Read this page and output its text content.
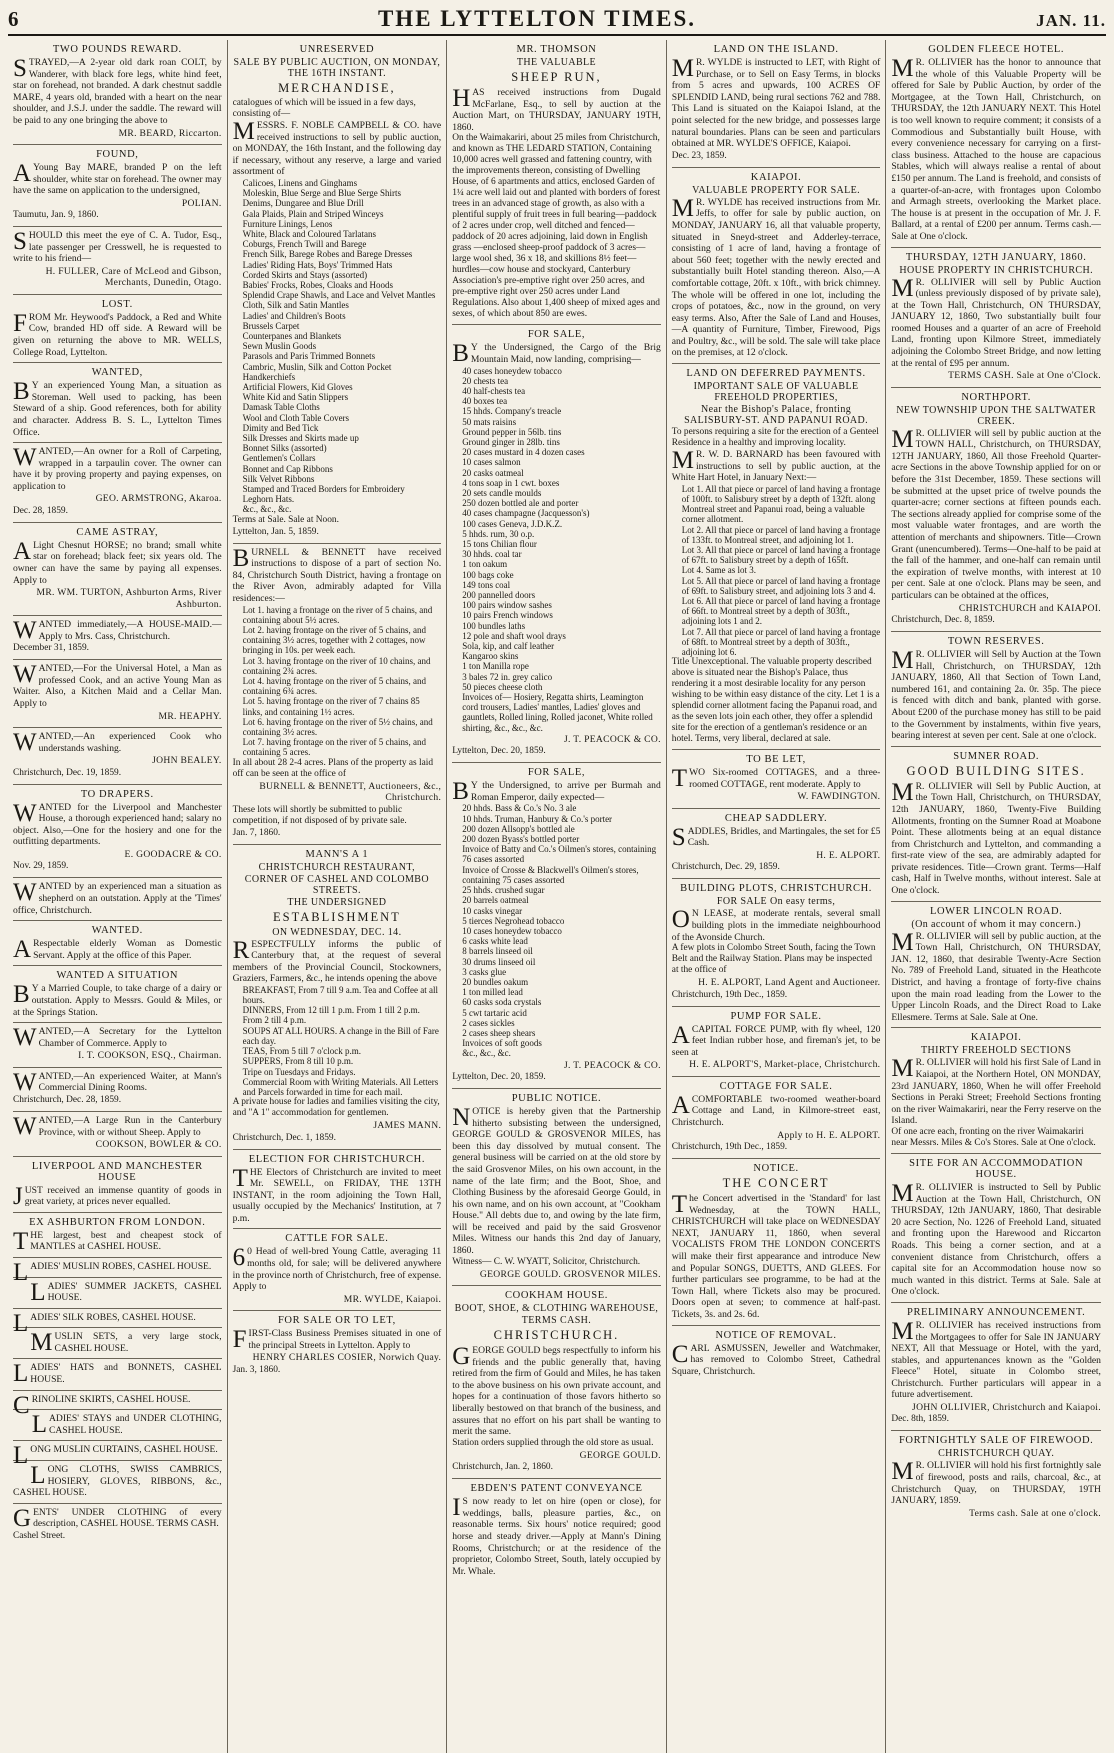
6	THE LYTTELTON TIMES.	JAN. 11.

TWO POUNDS REWARD.

STRAYED,—A 2-year old dark roan COLT, by Wanderer, with black fore legs, white hind feet, star on forehead, not branded. A dark chestnut saddle MARE, 4 years old, branded with a heart on the near shoulder, and J.S.J. under the saddle. The reward will be paid to any one bringing the above to

MR. BEARD, Riccarton.

FOUND,

AYoung Bay MARE, branded P on the left shoulder, white star on forehead. The owner may have the same on application to the undersigned,

POLIAN.

Taumutu, Jan. 9, 1860.

SHOULD this meet the eye of C. A. Tudor, Esq., late passenger per Cresswell, he is requested to write to his friend—

H. FULLER, Care of McLeod and Gibson, Merchants, Dunedin, Otago.

LOST.

FROM Mr. Heywood's Paddock, a Red and White Cow, branded HD off side. A Reward will be given on returning the above to MR. WELLS, College Road, Lyttelton.

WANTED,

BY an experienced Young Man, a situation as Storeman. Well used to packing, has been Steward of a ship. Good references, both for ability and character. Address B. S. L., Lyttelton Times Office.

WANTED,—An owner for a Roll of Carpeting, wrapped in a tarpaulin cover. The owner can have it by proving property and paying expenses, on application to

GEO. ARMSTRONG, Akaroa.

Dec. 28, 1859.

CAME ASTRAY,

ALight Chesnut HORSE; no brand; small white star on forehead; black feet; six years old. The owner can have the same by paying all expenses. Apply to

MR. WM. TURTON, Ashburton Arms, River Ashburton.

WANTED immediately,—A HOUSE-MAID.—Apply to Mrs. Cass, Christchurch.

December 31, 1859.

WANTED,—For the Universal Hotel, a Man as professed Cook, and an active Young Man as Waiter. Also, a Kitchen Maid and a Cellar Man. Apply to

MR. HEAPHY.

WANTED,—An experienced Cook who understands washing.

JOHN BEALEY.

Christchurch, Dec. 19, 1859.

TO DRAPERS.

WANTED for the Liverpool and Manchester House, a thorough experienced hand; salary no object. Also,—One for the hosiery and one for the outfitting departments.

E. GOODACRE & CO.

Nov. 29, 1859.

WANTED by an experienced man a situation as shepherd on an outstation. Apply at the 'Times' office, Christchurch.

WANTED.

ARespectable elderly Woman as Domestic Servant. Apply at the office of this Paper.

WANTED A SITUATION

BY a Married Couple, to take charge of a dairy or outstation. Apply to Messrs. Gould & Miles, or at the Springs Station.

WANTED,—A Secretary for the Lyttelton Chamber of Commerce. Apply to

I. T. COOKSON, ESQ., Chairman.

WANTED,—An experienced Waiter, at Mann's Commercial Dining Rooms.

Christchurch, Dec. 28, 1859.

WANTED,—A Large Run in the Canterbury Province, with or without Sheep. Apply to

COOKSON, BOWLER & CO.

LIVERPOOL AND MANCHESTER HOUSE

JUST received an immense quantity of goods in great variety, at prices never equalled.

EX ASHBURTON FROM LONDON.

THE largest, best and cheapest stock of MANTLES at CASHEL HOUSE.

LADIES' MUSLIN ROBES, CASHEL HOUSE.

LADIES' SUMMER JACKETS, CASHEL HOUSE.

LADIES' SILK ROBES, CASHEL HOUSE.

MUSLIN SETS, a very large stock, CASHEL HOUSE.

LADIES' HATS and BONNETS, CASHEL HOUSE.

CRINOLINE SKIRTS, CASHEL HOUSE.

LADIES' STAYS and UNDER CLOTHING, CASHEL HOUSE.

LONG MUSLIN CURTAINS, CASHEL HOUSE.

LONG CLOTHS, SWISS CAMBRICS, HOSIERY, GLOVES, RIBBONS, &c., CASHEL HOUSE.

GENTS' UNDER CLOTHING of every description, CASHEL HOUSE. TERMS CASH.

Cashel Street.

UNRESERVED

SALE BY PUBLIC AUCTION, ON MONDAY, THE 16TH INSTANT.

MERCHANDISE,

catalogues of which will be issued in a few days, consisting of—

MESSRS. F. NOBLE CAMPBELL & CO. have received instructions to sell by public auction, on MONDAY, the 16th Instant, and the following day if necessary, without any reserve, a large and varied assortment of

Calicoes, Linens and Ginghams

Moleskin, Blue Serge and Blue Serge Shirts

Denims, Dungaree and Blue Drill

Gala Plaids, Plain and Striped Winceys

Furniture Linings, Lenos

White, Black and Coloured Tarlatans

Coburgs, French Twill and Barege

French Silk, Barege Robes and Barege Dresses

Ladies' Riding Hats, Boys' Trimmed Hats

Corded Skirts and Stays (assorted)

Babies' Frocks, Robes, Cloaks and Hoods

Splendid Crape Shawls, and Lace and Velvet Mantles

Cloth, Silk and Satin Mantles

Ladies' and Children's Boots

Brussels Carpet

Counterpanes and Blankets

Sewn Muslin Goods

Parasols and Paris Trimmed Bonnets

Cambric, Muslin, Silk and Cotton Pocket Handkerchiefs

Artificial Flowers, Kid Gloves

White Kid and Satin Slippers

Damask Table Cloths

Wool and Cloth Table Covers

Dimity and Bed Tick

Silk Dresses and Skirts made up

Bonnet Silks (assorted)

Gentlemen's Collars

Bonnet and Cap Ribbons

Silk Velvet Ribbons

Stamped and Traced Borders for Embroidery

Leghorn Hats.

&c., &c., &c.

Terms at Sale. Sale at Noon.

Lyttelton, Jan. 5, 1859.

BURNELL & BENNETT have received instructions to dispose of a part of section No. 84, Christchurch South District, having a frontage on the River Avon, admirably adapted for Villa residences:—

Lot 1. having a frontage on the river of 5 chains, and containing about 5½ acres.

Lot 2. having frontage on the river of 5 chains, and containing 3½ acres, together with 2 cottages, now bringing in 10s. per week each.

Lot 3. having frontage on the river of 10 chains, and containing 2¾ acres.

Lot 4. having frontage on the river of 5 chains, and containing 6¾ acres.

Lot 5. having frontage on the river of 7 chains 85 links, and containing 1½ acres.

Lot 6. having frontage on the river of 5½ chains, and containing 3½ acres.

Lot 7. having frontage on the river of 5 chains, and containing 5 acres.

In all about 28 2-4 acres. Plans of the property as laid off can be seen at the office of

BURNELL & BENNETT, Auctioneers, &c., Christchurch.

These lots will shortly be submitted to public competition, if not disposed of by private sale.

Jan. 7, 1860.

MANN'S A 1

CHRISTCHURCH RESTAURANT,

CORNER OF CASHEL AND COLOMBO STREETS.

THE UNDERSIGNED

ESTABLISHMENT

ON WEDNESDAY, DEC. 14.

RESPECTFULLY informs the public of Canterbury that, at the request of several members of the Provincial Council, Stockowners, Graziers, Farmers, &c., he intends opening the above

BREAKFAST, From 7 till 9 a.m. Tea and Coffee at all hours.

DINNERS, From 12 till 1 p.m. From 1 till 2 p.m. From 2 till 4 p.m.

SOUPS AT ALL HOURS. A change in the Bill of Fare each day.

TEAS, From 5 till 7 o'clock p.m.

SUPPERS, From 8 till 10 p.m.

Tripe on Tuesdays and Fridays.

Commercial Room with Writing Materials. All Letters and Parcels forwarded in time for each mail.

A private house for ladies and families visiting the city, and "A 1" accommodation for gentlemen.

JAMES MANN.

Christchurch, Dec. 1, 1859.

ELECTION FOR CHRISTCHURCH.

THE Electors of Christchurch are invited to meet Mr. SEWELL, on FRIDAY, THE 13TH INSTANT, in the room adjoining the Town Hall, usually occupied by the Mechanics' Institution, at 7 p.m.

CATTLE FOR SALE.

60 Head of well-bred Young Cattle, averaging 11 months old, for sale; will be delivered anywhere in the province north of Christchurch, free of expense. Apply to

MR. WYLDE, Kaiapoi.

FOR SALE OR TO LET,

FIRST-Class Business Premises situated in one of the principal Streets in Lyttelton. Apply to

HENRY CHARLES COSIER, Norwich Quay.

Jan. 3, 1860.

MR. THOMSON

THE VALUABLE

SHEEP RUN,

HAS received instructions from Dugald McFarlane, Esq., to sell by auction at the Auction Mart, on THURSDAY, JANUARY 19TH, 1860.

On the Waimakariri, about 25 miles from Christchurch, and known as THE LEDARD STATION, Containing 10,000 acres well grassed and fattening country, with the improvements thereon, consisting of Dwelling House, of 6 apartments and attics, enclosed Garden of 1¼ acre well laid out and planted with borders of forest trees in an advanced stage of growth, as also with a plentiful supply of fruit trees in full bearing—paddock of 2 acres under crop, well ditched and fenced—paddock of 20 acres adjoining, laid down in English grass —enclosed sheep-proof paddock of 3 acres—large wool shed, 36 x 18, and skillions 8½ feet—hurdles—cow house and stockyard, Canterbury Association's pre-emptive right over 250 acres, and pre-emptive right over 250 acres under Land Regulations. Also about 1,400 sheep of mixed ages and sexes, of which about 850 are ewes.

FOR SALE,

BY the Undersigned, the Cargo of the Brig Mountain Maid, now landing, comprising—

40 cases honeydew tobacco

20 chests tea

40 half-chests tea

40 boxes tea

15 hhds. Company's treacle

50 mats raisins

Ground pepper in 56lb. tins

Ground ginger in 28lb. tins

20 cases mustard in 4 dozen cases

10 cases salmon

20 casks oatmeal

4 tons soap in 1 cwt. boxes

20 sets candle moulds

250 dozen bottled ale and porter

40 cases champagne (Jacquesson's)

100 cases Geneva, J.D.K.Z.

5 hhds. rum, 30 o.p.

15 tons Chilian flour

30 hhds. coal tar

1 ton oakum

100 bags coke

149 tons coal

200 pannelled doors

100 pairs window sashes

10 pairs French windows

100 bundles laths

12 pole and shaft wool drays

Sola, kip, and calf leather

Kangaroo skins

1 ton Manilla rope

3 bales 72 in. grey calico

50 pieces cheese cloth

Invoices of— Hosiery, Regatta shirts, Leamington cord trousers, Ladies' mantles, Ladies' gloves and gauntlets, Rolled lining, Rolled jaconet, White rolled shirting, &c., &c., &c.

J. T. PEACOCK & CO.

Lyttelton, Dec. 20, 1859.

FOR SALE,

BY the Undersigned, to arrive per Burmah and Roman Emperor, daily expected—

20 hhds. Bass & Co.'s No. 3 ale

10 hhds. Truman, Hanbury & Co.'s porter

200 dozen Allsopp's bottled ale

200 dozen Byass's bottled porter

Invoice of Batty and Co.'s Oilmen's stores, containing 76 cases assorted

Invoice of Crosse & Blackwell's Oilmen's stores, containing 75 cases assorted

25 hhds. crushed sugar

20 barrels oatmeal

10 casks vinegar

5 tierces Negrohead tobacco

10 cases honeydew tobacco

6 casks white lead

8 barrels linseed oil

30 drums linseed oil

3 casks glue

20 bundles oakum

1 ton milled lead

60 casks soda crystals

5 cwt tartaric acid

2 cases sickles

2 cases sheep shears

Invoices of soft goods

&c., &c., &c.

J. T. PEACOCK & CO.

Lyttelton, Dec. 20, 1859.

PUBLIC NOTICE.

NOTICE is hereby given that the Partnership hitherto subsisting between the undersigned, GEORGE GOULD & GROSVENOR MILES, has been this day dissolved by mutual consent. The general business will be carried on at the old store by the said Grosvenor Miles, on his own account, in the name of the late firm; and the Boot, Shoe, and Clothing Business by the aforesaid George Gould, in his own name, and on his own account, at "Cookham House." All debts due to, and owing by the late firm, will be received and paid by the said Grosvenor Miles. Witness our hands this 2nd day of January, 1860.

Witness— C. W. WYATT, Solicitor, Christchurch.

GEORGE GOULD. GROSVENOR MILES.

COOKHAM HOUSE.

BOOT, SHOE, & CLOTHING WAREHOUSE,

TERMS CASH.

CHRISTCHURCH.

GEORGE GOULD begs respectfully to inform his friends and the public generally that, having retired from the firm of Gould and Miles, he has taken to the above business on his own private account, and hopes for a continuation of those favors hitherto so liberally bestowed on that branch of the business, and assures that no effort on his part shall be wanting to merit the same.

Station orders supplied through the old store as usual.

GEORGE GOULD.

Christchurch, Jan. 2, 1860.

EBDEN'S PATENT CONVEYANCE

IS now ready to let on hire (open or close), for weddings, balls, pleasure parties, &c., on reasonable terms. Six hours' notice required; good horse and steady driver.—Apply at Mann's Dining Rooms, Christchurch; or at the residence of the proprietor, Colombo Street, South, lately occupied by Mr. Whale.

LAND ON THE ISLAND.

MR. WYLDE is instructed to LET, with Right of Purchase, or to Sell on Easy Terms, in blocks from 5 acres and upwards, 100 ACRES OF SPLENDID LAND, being rural sections 762 and 788. This Land is situated on the Kaiapoi Island, at the point selected for the new bridge, and possesses large natural boundaries. Plans can be seen and particulars obtained at MR. WYLDE'S OFFICE, Kaiapoi.

Dec. 23, 1859.

KAIAPOI.

VALUABLE PROPERTY FOR SALE.

MR. WYLDE has received instructions from Mr. Jeffs, to offer for sale by public auction, on MONDAY, JANUARY 16, all that valuable property, situated in Sneyd-street and Adderley-terrace, consisting of 1 acre of land, having a frontage of about 560 feet; together with the newly erected and substantially built Hotel standing thereon. Also,—A comfortable cottage, 20ft. x 10ft., with brick chimney. The whole will be offered in one lot, including the crops of potatoes, &c., now in the ground, on very easy terms. Also, After the Sale of Land and Houses,—A quantity of Furniture, Timber, Firewood, Pigs and Poultry, &c., will be sold. The sale will take place on the premises, at 12 o'clock.

LAND ON DEFERRED PAYMENTS.

IMPORTANT SALE OF VALUABLE FREEHOLD PROPERTIES,

Near the Bishop's Palace, fronting SALISBURY-ST. AND PAPANUI ROAD.

To persons requiring a site for the erection of a Genteel Residence in a healthy and improving locality.

MR. W. D. BARNARD has been favoured with instructions to sell by public auction, at the White Hart Hotel, in January Next:—

Lot 1. All that piece or parcel of land having a frontage of 100ft. to Salisbury street by a depth of 132ft. along Montreal street and Papanui road, being a valuable corner allotment.

Lot 2. All that piece or parcel of land having a frontage of 133ft. to Montreal street, and adjoining lot 1.

Lot 3. All that piece or parcel of land having a frontage of 67ft. to Salisbury street by a depth of 165ft.

Lot 4. Same as lot 3.

Lot 5. All that piece or parcel of land having a frontage of 69ft. to Salisbury street, and adjoining lots 3 and 4.

Lot 6. All that piece or parcel of land having a frontage of 66ft. to Montreal street by a depth of 303ft., adjoining lots 1 and 2.

Lot 7. All that piece or parcel of land having a frontage of 68ft. to Montreal street by a depth of 303ft., adjoining lot 6.

Title Unexceptional. The valuable property described above is situated near the Bishop's Palace, thus rendering it a most desirable locality for any person wishing to be within easy distance of the city. Let 1 is a splendid corner allotment facing the Papanui road, and as the seven lots join each other, they offer a splendid site for the erection of a gentleman's residence or an hotel. Terms, very liberal, declared at sale.

TO BE LET,

TWO Six-roomed COTTAGES, and a three-roomed COTTAGE, rent moderate. Apply to

W. FAWDINGTON.

CHEAP SADDLERY.

SADDLES, Bridles, and Martingales, the set for £5 Cash.

H. E. ALPORT.

Christchurch, Dec. 29, 1859.

BUILDING PLOTS, CHRISTCHURCH.

FOR SALE On easy terms,

ON LEASE, at moderate rentals, several small building plots in the immediate neighbourhood of the Avonside Church.

A few plots in Colombo Street South, facing the Town Belt and the Railway Station. Plans may be inspected at the office of

H. E. ALPORT, Land Agent and Auctioneer.

Christchurch, 19th Dec., 1859.

PUMP FOR SALE.

ACAPITAL FORCE PUMP, with fly wheel, 120 feet Indian rubber hose, and fireman's jet, to be seen at

H. E. ALPORT'S, Market-place, Christchurch.

COTTAGE FOR SALE.

ACOMFORTABLE two-roomed weather-board Cottage and Land, in Kilmore-street east, Christchurch.

Apply to H. E. ALPORT.

Christchurch, 19th Dec., 1859.

NOTICE.

THE CONCERT

The Concert advertised in the 'Standard' for last Wednesday, at the TOWN HALL, CHRISTCHURCH will take place on WEDNESDAY NEXT, JANUARY 11, 1860, when several VOCALISTS FROM THE LONDON CONCERTS will make their first appearance and introduce New and Popular SONGS, DUETTS, AND GLEES. For further particulars see programme, to be had at the Town Hall, where Tickets also may be procured. Doors open at seven; to commence at half-past. Tickets, 3s. and 2s. 6d.

NOTICE OF REMOVAL.

CARL ASMUSSEN, Jeweller and Watchmaker, has removed to Colombo Street, Cathedral Square, Christchurch.

GOLDEN FLEECE HOTEL.

MR. OLLIVIER has the honor to announce that the whole of this Valuable Property will be offered for Sale by Public Auction, by order of the Mortgagee, at the Town Hall, Christchurch, on THURSDAY, the 12th JANUARY NEXT. This Hotel is too well known to require comment; it consists of a Commodious and Substantially built House, with every convenience necessary for carrying on a first-class business. Attached to the house are capacious Stables, which will always realise a rental of about £150 per annum. The Land is freehold, and consists of a quarter-of-an-acre, with frontages upon Colombo and Armagh streets, overlooking the Market place. The house is at present in the occupation of Mr. J. F. Ballard, at a rental of £200 per annum. Terms cash.—Sale at One o'clock.

THURSDAY, 12TH JANUARY, 1860.

HOUSE PROPERTY IN CHRISTCHURCH.

MR. OLLIVIER will sell by Public Auction (unless previously disposed of by private sale), at the Town Hall, Christchurch, ON THURSDAY, JANUARY 12, 1860, Two substantially built four roomed Houses and a quarter of an acre of Freehold Land, fronting upon Kilmore Street, immediately adjoining the Colombo Street Bridge, and now letting at the rental of £95 per annum.

TERMS CASH. Sale at One o'Clock.

NORTHPORT.

NEW TOWNSHIP UPON THE SALTWATER CREEK.

MR. OLLIVIER will sell by public auction at the TOWN HALL, Christchurch, on THURSDAY, 12TH JANUARY, 1860, All those Freehold Quarter-acre Sections in the above Township applied for on or before the 31st December, 1859. These sections will be submitted at the upset price of twelve pounds the quarter-acre; corner sections at fifteen pounds each. The sections already applied for comprise some of the most valuable water frontages, and are worth the attention of merchants and shipowners. Title—Crown Grant (unencumbered). Terms—One-half to be paid at the fall of the hammer, and one-half can remain until the expiration of twelve months, with interest at 10 per cent. Sale at one o'clock. Plans may be seen, and particulars can be obtained at the offices,

CHRISTCHURCH and KAIAPOI.

Christchurch, Dec. 8, 1859.

TOWN RESERVES.

MR. OLLIVIER will Sell by Auction at the Town Hall, Christchurch, on THURSDAY, 12th JANUARY, 1860, All that Section of Town Land, numbered 161, and containing 2a. 0r. 35p. The piece is fenced with ditch and bank, planted with gorse. About £200 of the purchase money has still to be paid to the Government by instalments, within five years, bearing interest at seven per cent. Sale at one o'clock.

SUMNER ROAD.

GOOD BUILDING SITES.

MR. OLLIVIER will Sell by Public Auction, at the Town Hall, Christchurch, on THURSDAY, 12th JANUARY, 1860, Twenty-Five Building Allotments, fronting on the Sumner Road at Moabone Point. These allotments being at an equal distance from Christchurch and Lyttelton, and commanding a first-rate view of the sea, are admirably adapted for private residences. Title—Crown grant. Terms—Half cash, Half in Twelve months, without interest. Sale at One o'clock.

LOWER LINCOLN ROAD.

(On account of whom it may concern.)

MR. OLLIVIER will sell by public auction, at the Town Hall, Christchurch, ON THURSDAY, JAN. 12, 1860, that desirable Twenty-Acre Section No. 789 of Freehold Land, situated in the Heathcote District, and having a frontage of forty-five chains upon the main road leading from the Lower to the Upper Lincoln Roads, and the Direct Road to Lake Ellesmere. Terms at Sale. Sale at One.

KAIAPOI.

THIRTY FREEHOLD SECTIONS

MR. OLLIVIER will hold his first Sale of Land in Kaiapoi, at the Northern Hotel, ON MONDAY, 23rd JANUARY, 1860, When he will offer Freehold Sections in Peraki Street; Freehold Sections fronting on the river Waimakariri, near the Ferry reserve on the Island.

Of one acre each, fronting on the river Waimakariri near Messrs. Miles & Co's Stores. Sale at One o'clock.

SITE FOR AN ACCOMMODATION HOUSE.

MR. OLLIVIER is instructed to Sell by Public Auction at the Town Hall, Christchurch, ON THURSDAY, 12th JANUARY, 1860, That desirable 20 acre Section, No. 1226 of Freehold Land, situated and fronting upon the Harewood and Riccarton Roads. This being a corner section, and at a convenient distance from Christchurch, offers a capital site for an Accommodation house now so much wanted in this district. Terms at Sale. Sale at One o'clock.

PRELIMINARY ANNOUNCEMENT.

MR. OLLIVIER has received instructions from the Mortgagees to offer for Sale IN JANUARY NEXT, All that Messuage or Hotel, with the yard, stables, and appurtenances known as the "Golden Fleece" Hotel, situate in Colombo street, Christchurch. Further particulars will appear in a future advertisement.

JOHN OLLIVIER, Christchurch and Kaiapoi.

Dec. 8th, 1859.

FORTNIGHTLY SALE OF FIREWOOD.

CHRISTCHURCH QUAY.

MR. OLLIVIER will hold his first fortnightly sale of firewood, posts and rails, charcoal, &c., at Christchurch Quay, on THURSDAY, 19TH JANUARY, 1859.

Terms cash. Sale at one o'clock.
